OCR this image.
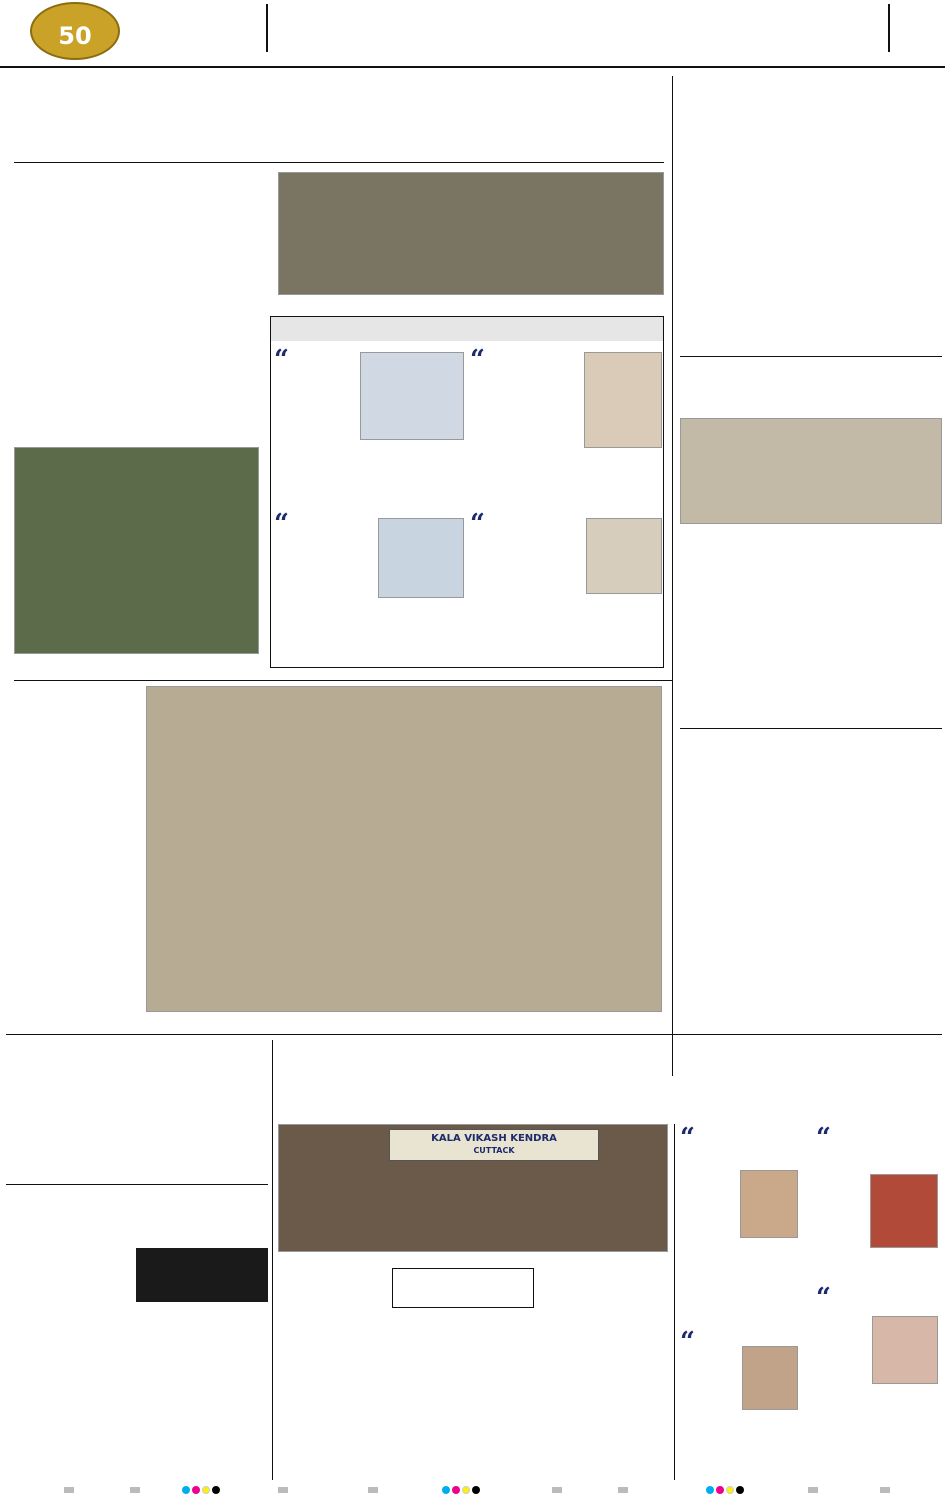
50
“	“
“	“
KALA VIKASH KENDRA
CUTTACK	“	“
“
“
